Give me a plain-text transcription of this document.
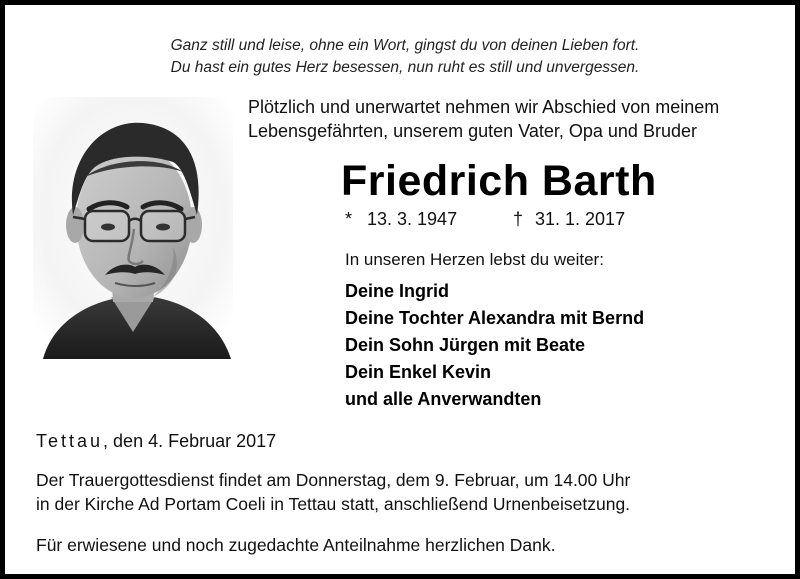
Ganz still und leise, ohne ein Wort, gingst du von deinen Lieben fort.
Du hast ein gutes Herz besessen, nun ruht es still und unvergessen.
Plötzlich und unerwartet nehmen wir Abschied von meinem
Lebensgefährten, unserem guten Vater, Opa und Bruder
Friedrich Barth
* 13. 3. 1947	† 31. 1. 2017
In unseren Herzen lebst du weiter:
Deine Ingrid
Deine Tochter Alexandra mit Bernd
Dein Sohn Jürgen mit Beate
Dein Enkel Kevin
und alle Anverwandten
Tettau, den 4. Februar 2017
Der Trauergottesdienst findet am Donnerstag, dem 9. Februar, um 14.00 Uhr
in der Kirche Ad Portam Coeli in Tettau statt, anschließend Urnenbeisetzung.
Für erwiesene und noch zugedachte Anteilnahme herzlichen Dank.
